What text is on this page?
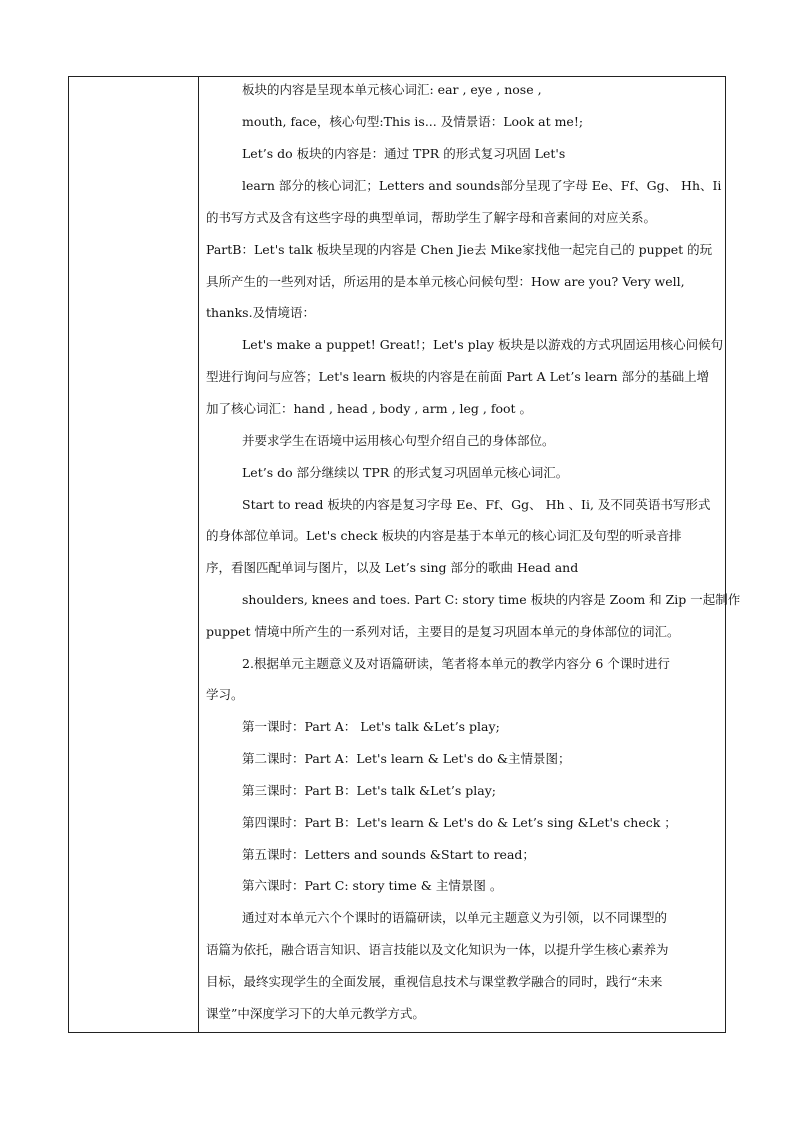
板块的内容是呈现本单元核心词汇: ear , eye , nose ,
mouth, face，核心句型:This is... 及情景语：Look at me!;
Let’s do 板块的内容是：通过 TPR 的形式复习巩固 Let's
learn 部分的核心词汇；Letters and sounds部分呈现了字母 Ee、Ff、Gg、 Hh、Ii
的书写方式及含有这些字母的典型单词，帮助学生了解字母和音素间的对应关系。
PartB：Let's talk 板块呈现的内容是 Chen Jie去 Mike家找他一起完自己的 puppet 的玩
具所产生的一些列对话，所运用的是本单元核心问候句型：How are you? Very well,
thanks.及情境语：
Let's make a puppet! Great!；Let's play 板块是以游戏的方式巩固运用核心问候句
型进行询问与应答；Let's learn 板块的内容是在前面 Part A Let’s learn 部分的基础上增
加了核心词汇：hand , head , body , arm , leg , foot 。
并要求学生在语境中运用核心句型介绍自己的身体部位。
Let’s do 部分继续以 TPR 的形式复习巩固单元核心词汇。
Start to read 板块的内容是复习字母 Ee、Ff、Gg、 Hh 、Ii, 及不同英语书写形式
的身体部位单词。Let's check 板块的内容是基于本单元的核心词汇及句型的听录音排
序，看图匹配单词与图片，以及 Let’s sing 部分的歌曲 Head and
shoulders, knees and toes. Part C: story time 板块的内容是 Zoom 和 Zip 一起制作
puppet 情境中所产生的一系列对话，主要目的是复习巩固本单元的身体部位的词汇。
2.根据单元主题意义及对语篇研读，笔者将本单元的教学内容分 6 个课时进行
学习。
第一课时：Part A： Let's talk &Let’s play;
第二课时：Part A：Let's learn & Let's do &主情景图；
第三课时：Part B：Let's talk &Let’s play;
第四课时：Part B：Let's learn & Let's do & Let’s sing &Let's check ；
第五课时：Letters and sounds &Start to read；
第六课时：Part C: story time & 主情景图 。
通过对本单元六个个课时的语篇研读，以单元主题意义为引领，以不同课型的
语篇为依托，融合语言知识、语言技能以及文化知识为一体，以提升学生核心素养为
目标，最终实现学生的全面发展，重视信息技术与课堂教学融合的同时，践行“未来
课堂”中深度学习下的大单元教学方式。
